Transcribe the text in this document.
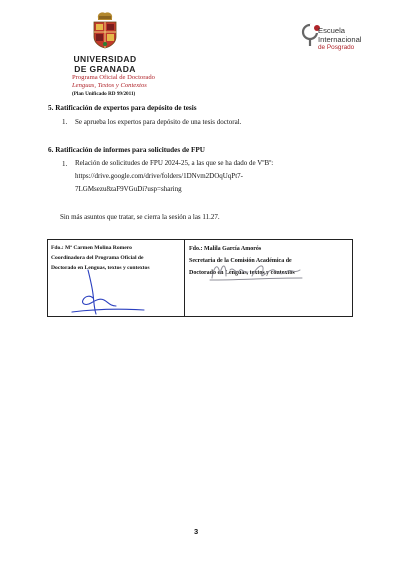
UNIVERSIDAD
DE GRANADA
Programa Oficial de Doctorado
Lenguas, Textos y Contextos
(Plan Unificado RD 99/2011)
Escuela
Internacional
de Posgrado
5. Ratificación de expertos para depósito de tesis
1. Se aprueba los expertos para depósito de una tesis doctoral.
6. Ratificación de informes para solicitudes de FPU
1. Relación de solicitudes de FPU 2024-25, a las que se ha dado de VºBº:
https://drive.google.com/drive/folders/1DNvm2DOqUqPt7-
7LGMsezu8zaF9VGuDi?usp=sharing
Sin más asuntos que tratar, se cierra la sesión a las 11.27.
Fdo.: Mª Carmen Molina Romero
Coordinadora del Programa Oficial de
Doctorado en Lenguas, textos y contextos
Fdo.: Malila García Amorós
Secretaria de la Comisión Académica de
Doctorado en Lenguas, textos y contextos
3
